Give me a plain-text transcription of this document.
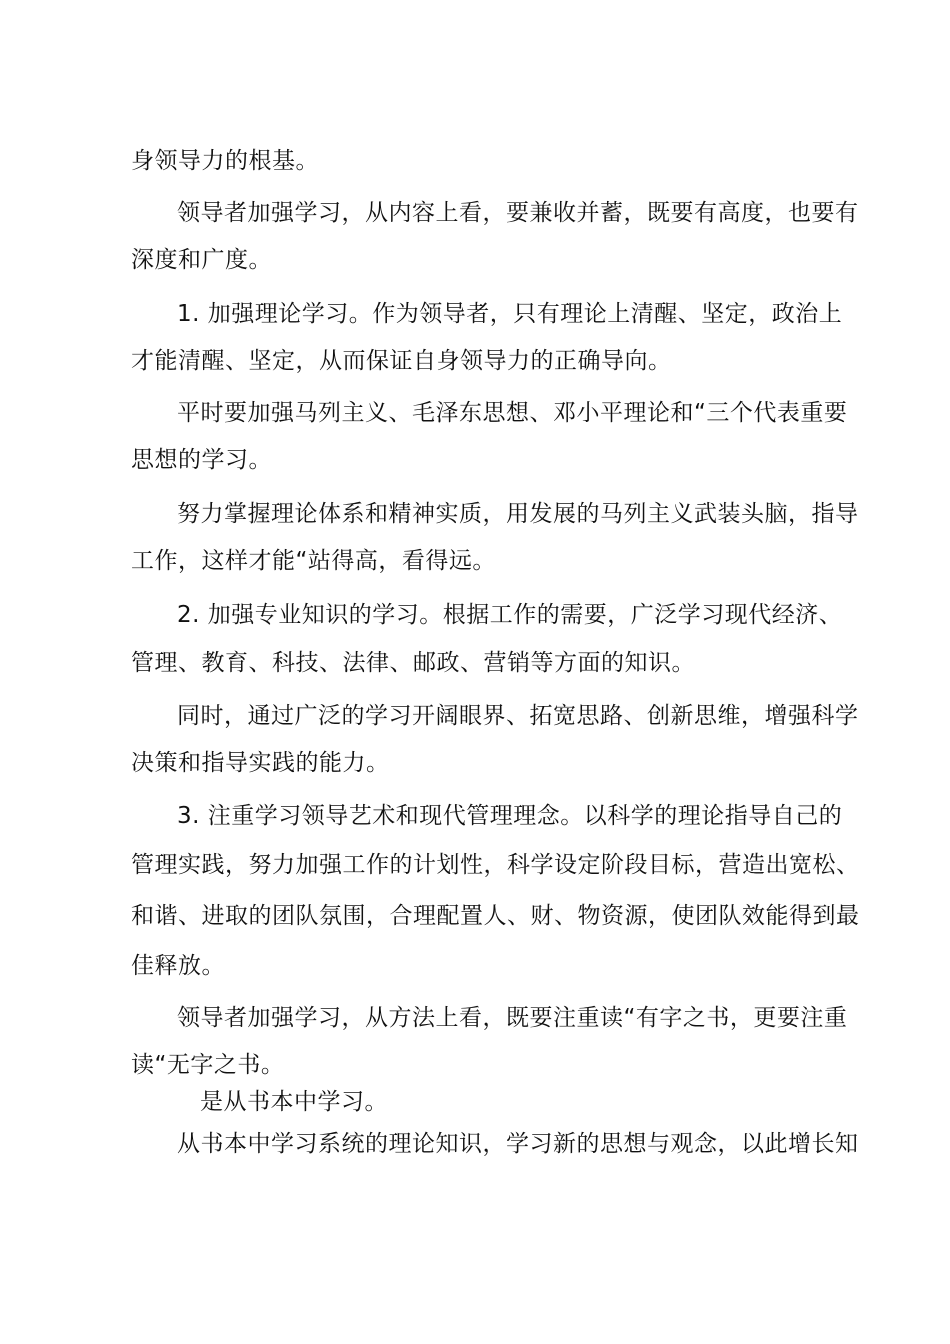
身领导力的根基。
领导者加强学习，从内容上看，要兼收并蓄，既要有高度，也要有
深度和广度。
1. 加强理论学习。作为领导者，只有理论上清醒、坚定，政治上
才能清醒、坚定，从而保证自身领导力的正确导向。
平时要加强马列主义、毛泽东思想、邓小平理论和“三个代表重要
思想的学习。
努力掌握理论体系和精神实质，用发展的马列主义武装头脑，指导
工作，这样才能“站得高，看得远。
2. 加强专业知识的学习。根据工作的需要，广泛学习现代经济、
管理、教育、科技、法律、邮政、营销等方面的知识。
同时，通过广泛的学习开阔眼界、拓宽思路、创新思维，增强科学
决策和指导实践的能力。
3. 注重学习领导艺术和现代管理理念。以科学的理论指导自己的
管理实践，努力加强工作的计划性，科学设定阶段目标，营造出宽松、
和谐、进取的团队氛围，合理配置人、财、物资源，使团队效能得到最
佳释放。
领导者加强学习，从方法上看，既要注重读“有字之书，更要注重
读“无字之书。
是从书本中学习。
从书本中学习系统的理论知识，学习新的思想与观念，以此增长知
